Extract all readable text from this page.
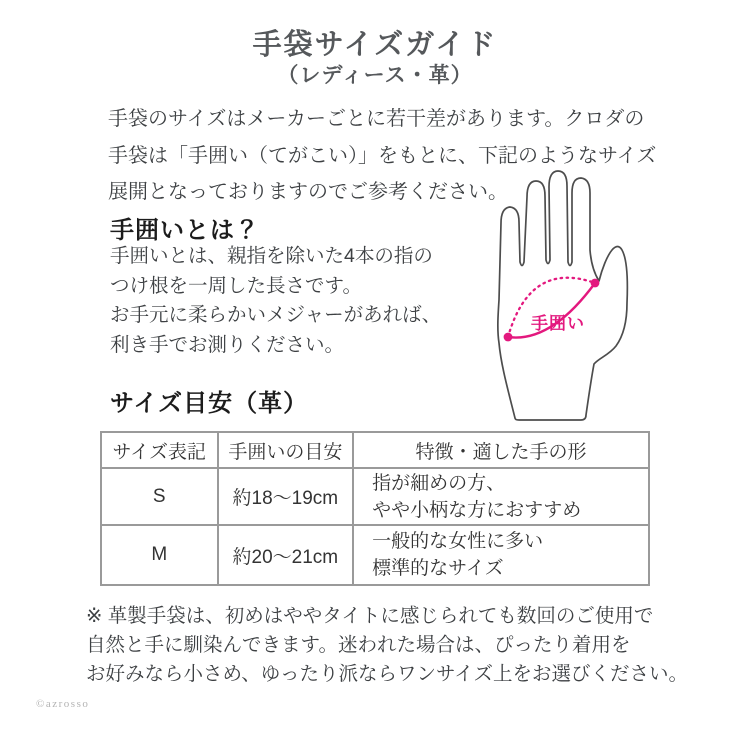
手袋サイズガイド
（レディース・革）
手袋のサイズはメーカーごとに若干差があります。クロダの
手袋は「手囲い（てがこい）」をもとに、下記のようなサイズ
展開となっておりますのでご参考ください。
手囲いとは？
手囲いとは、親指を除いた4本の指の
つけ根を一周した長さです。
お手元に柔らかいメジャーがあれば、
利き手でお測りください。
手囲い
サイズ目安（革）
サイズ表記	手囲いの目安	特徴・適した手の形
S	約18〜19cm	指が細めの方、
やや小柄な方におすすめ

M	約20〜21cm	一般的な女性に多い
標準的なサイズ
※ 革製手袋は、初めはややタイトに感じられても数回のご使用で
自然と手に馴染んできます。迷われた場合は、ぴったり着用を
お好みなら小さめ、ゆったり派ならワンサイズ上をお選びください。
©azrosso
